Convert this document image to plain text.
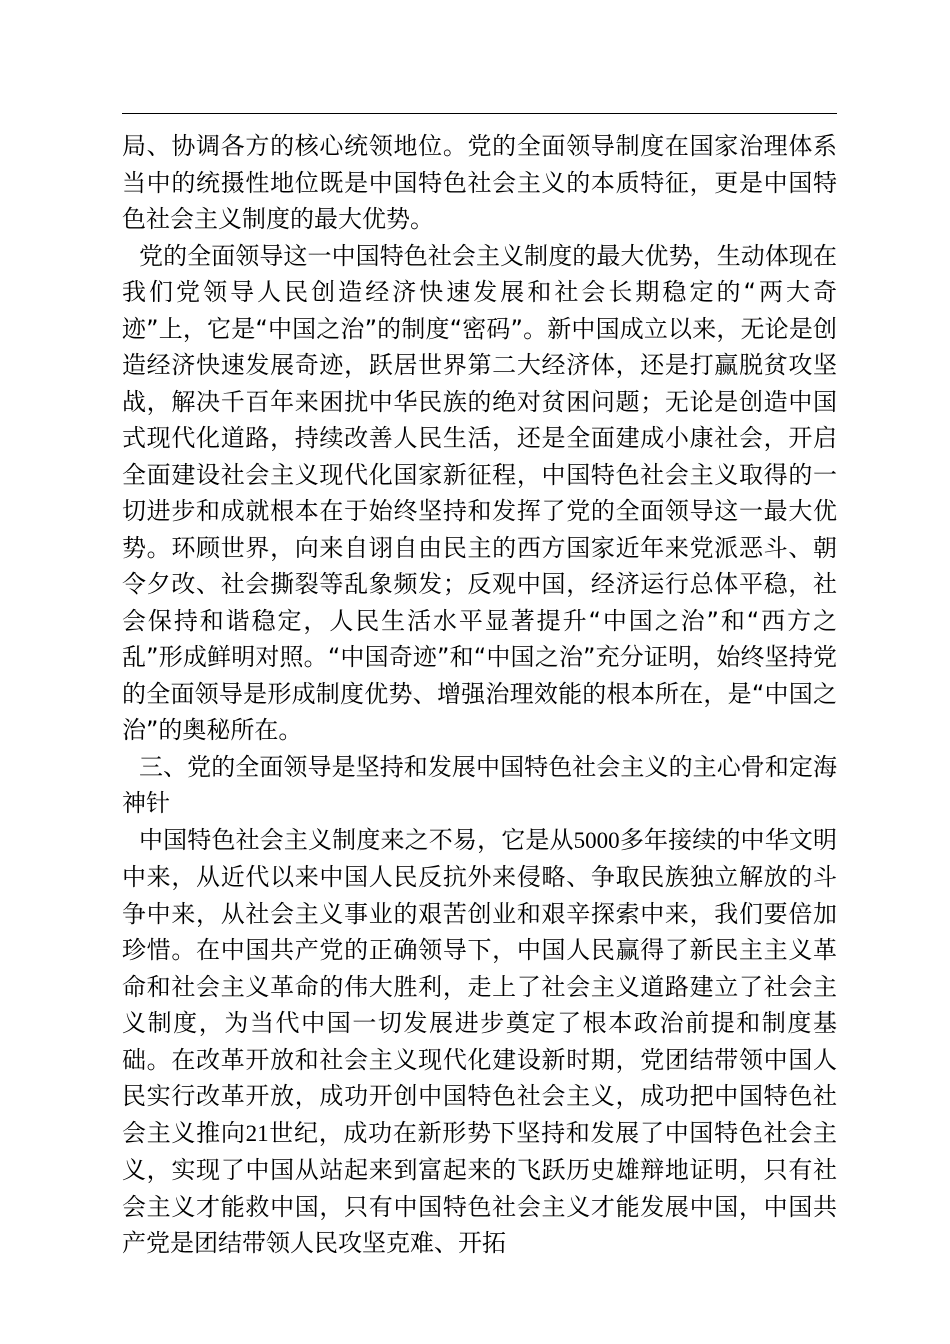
局、协调各方的核心统领地位。党的全面领导制度在国家治理体系当中的统摄性地位既是中国特色社会主义的本质特征，更是中国特色社会主义制度的最大优势。

党的全面领导这一中国特色社会主义制度的最大优势，生动体现在我们党领导人民创造经济快速发展和社会长期稳定的“两大奇迹”上，它是“中国之治”的制度“密码”。新中国成立以来，无论是创造经济快速发展奇迹，跃居世界第二大经济体，还是打赢脱贫攻坚战，解决千百年来困扰中华民族的绝对贫困问题；无论是创造中国式现代化道路，持续改善人民生活，还是全面建成小康社会，开启全面建设社会主义现代化国家新征程，中国特色社会主义取得的一切进步和成就根本在于始终坚持和发挥了党的全面领导这一最大优势。环顾世界，向来自诩自由民主的西方国家近年来党派恶斗、朝令夕改、社会撕裂等乱象频发；反观中国，经济运行总体平稳，社会保持和谐稳定，人民生活水平显著提升“中国之治”和“西方之乱”形成鲜明对照。“中国奇迹”和“中国之治”充分证明，始终坚持党的全面领导是形成制度优势、增强治理效能的根本所在，是“中国之治”的奥秘所在。

三、党的全面领导是坚持和发展中国特色社会主义的主心骨和定海神针

中国特色社会主义制度来之不易，它是从5000多年接续的中华文明中来，从近代以来中国人民反抗外来侵略、争取民族独立解放的斗争中来，从社会主义事业的艰苦创业和艰辛探索中来，我们要倍加珍惜。在中国共产党的正确领导下，中国人民赢得了新民主主义革命和社会主义革命的伟大胜利，走上了社会主义道路建立了社会主义制度，为当代中国一切发展进步奠定了根本政治前提和制度基础。在改革开放和社会主义现代化建设新时期，党团结带领中国人民实行改革开放，成功开创中国特色社会主义，成功把中国特色社会主义推向21世纪，成功在新形势下坚持和发展了中国特色社会主义，实现了中国从站起来到富起来的飞跃历史雄辩地证明，只有社会主义才能救中国，只有中国特色社会主义才能发展中国，中国共产党是团结带领人民攻坚克难、开拓
